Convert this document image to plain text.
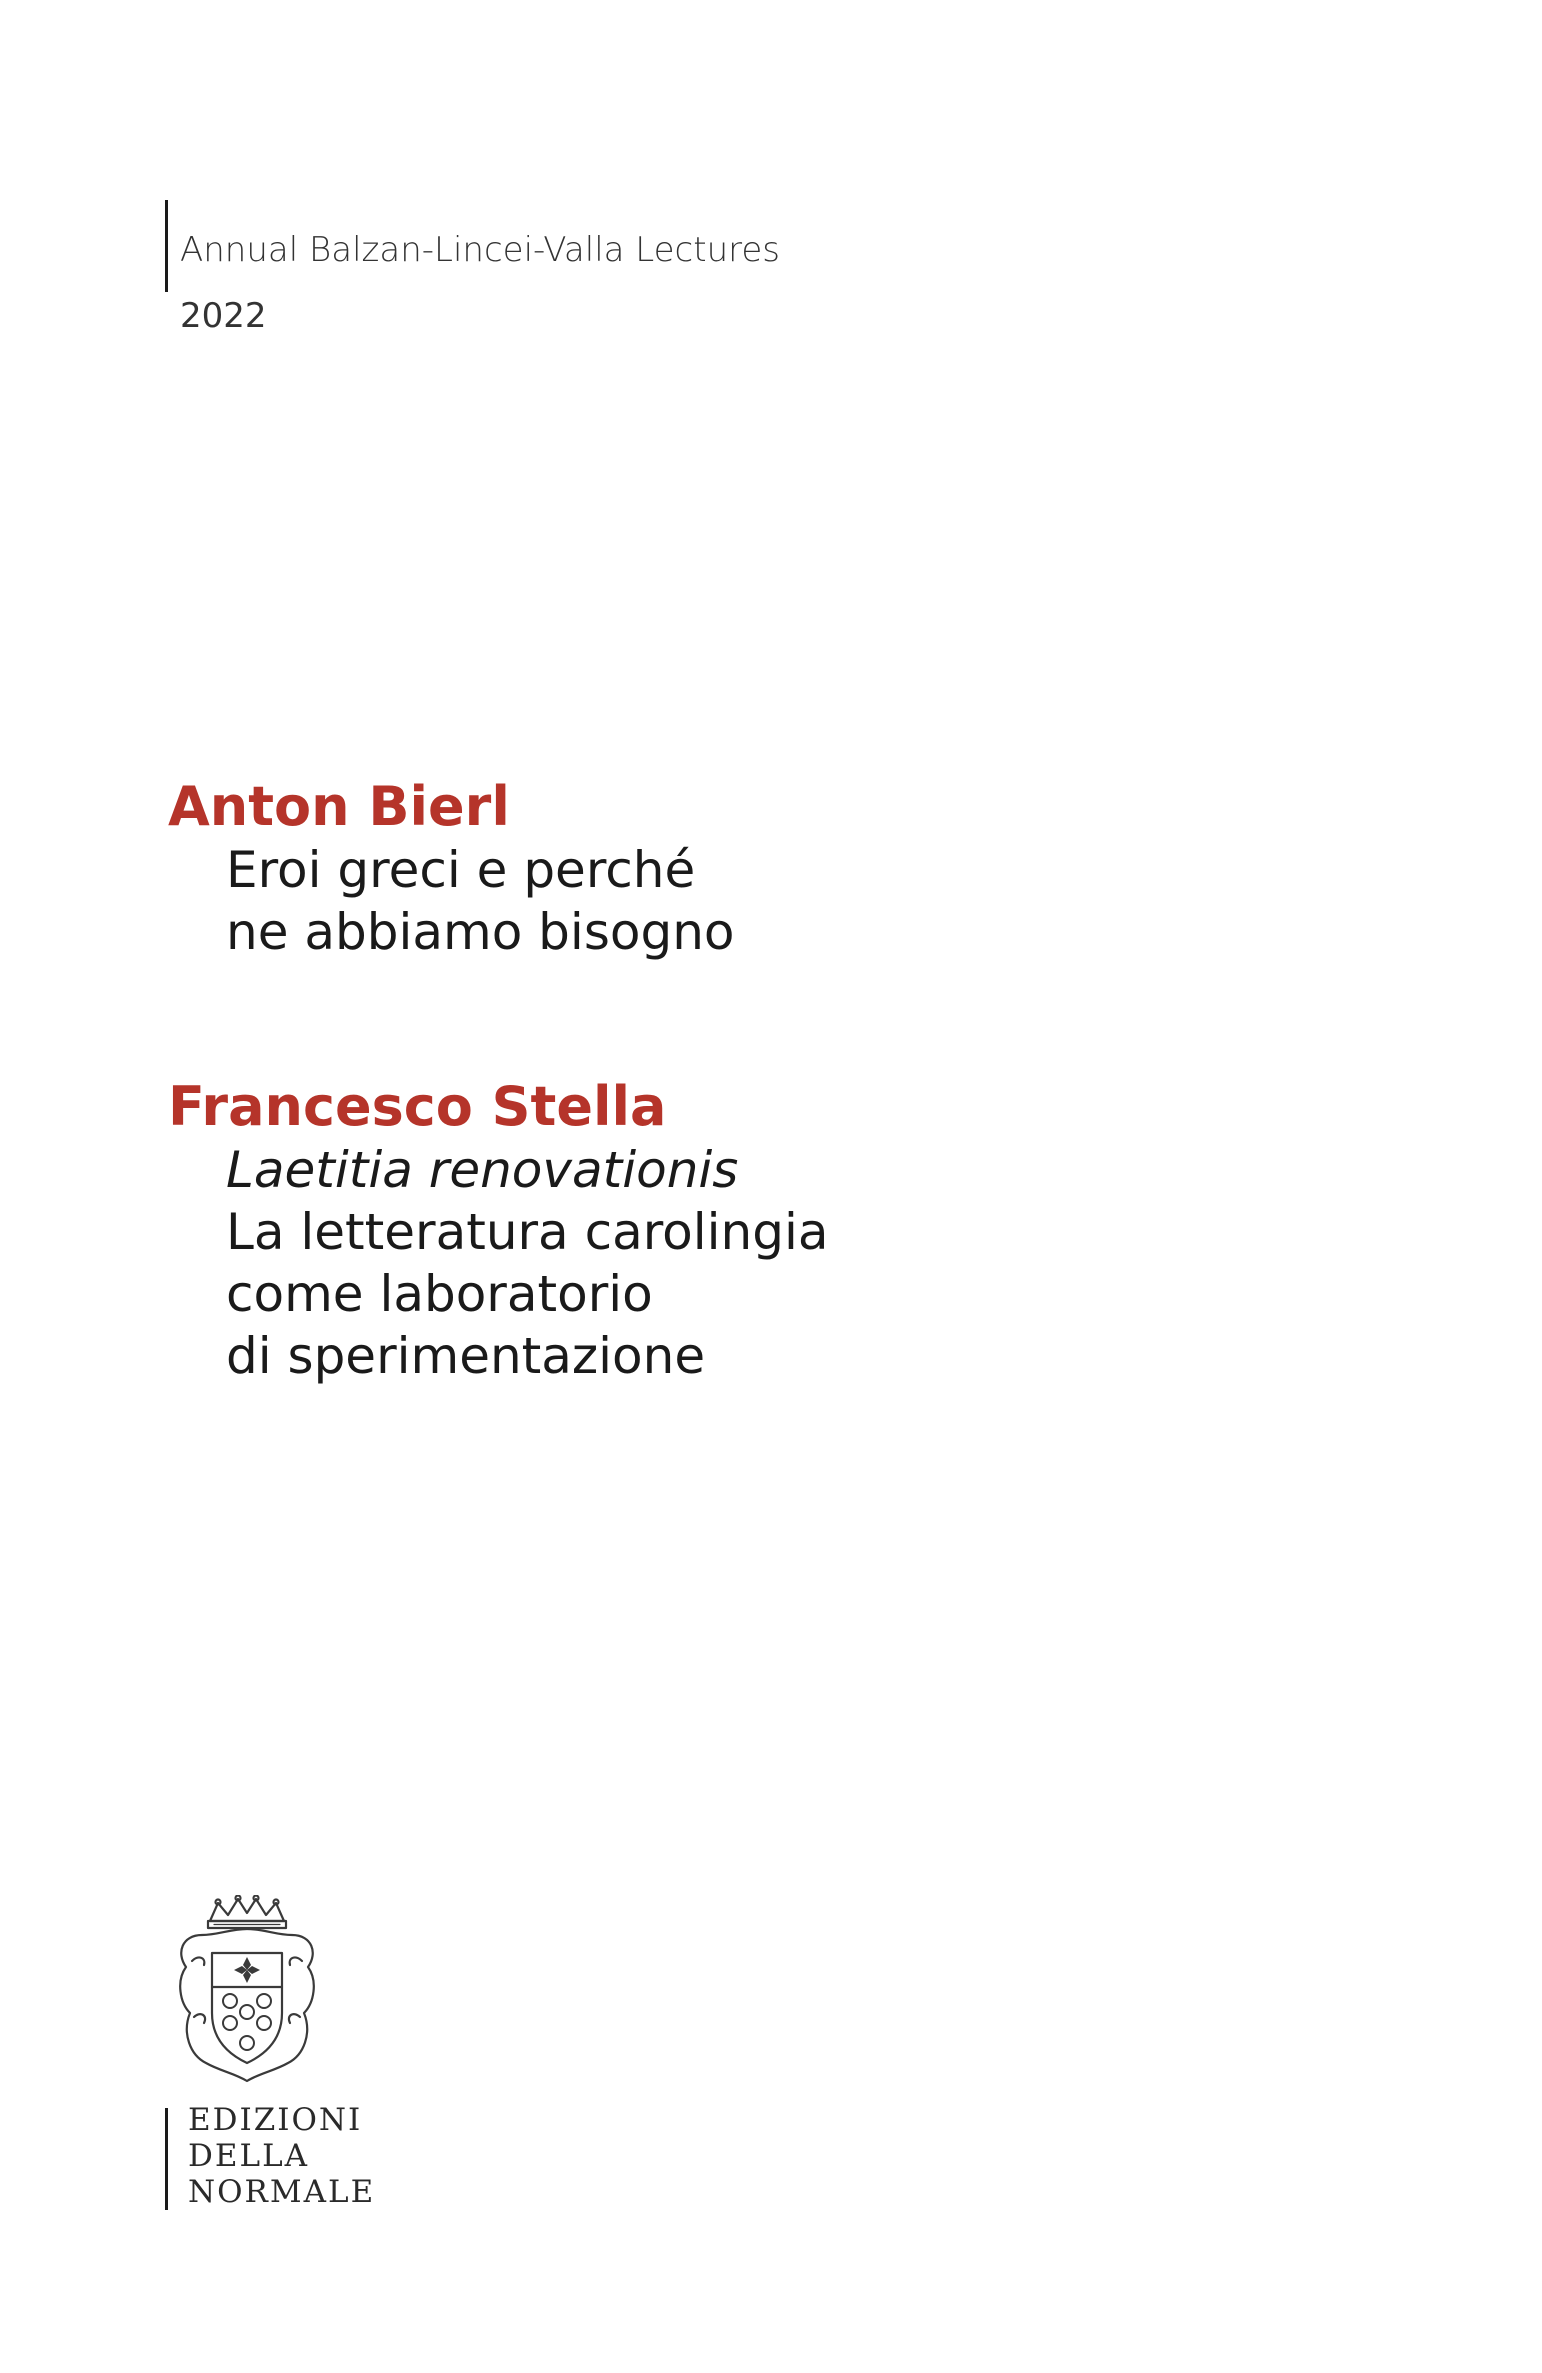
Annual Balzan-Lincei-Valla Lectures
2022

Anton Bierl

Eroi greci e perché
ne abbiamo bisogno

Francesco Stella

Laetitia renovationis
La letteratura carolingia
come laboratorio
di sperimentazione
EDIZIONI
DELLA
NORMALE
